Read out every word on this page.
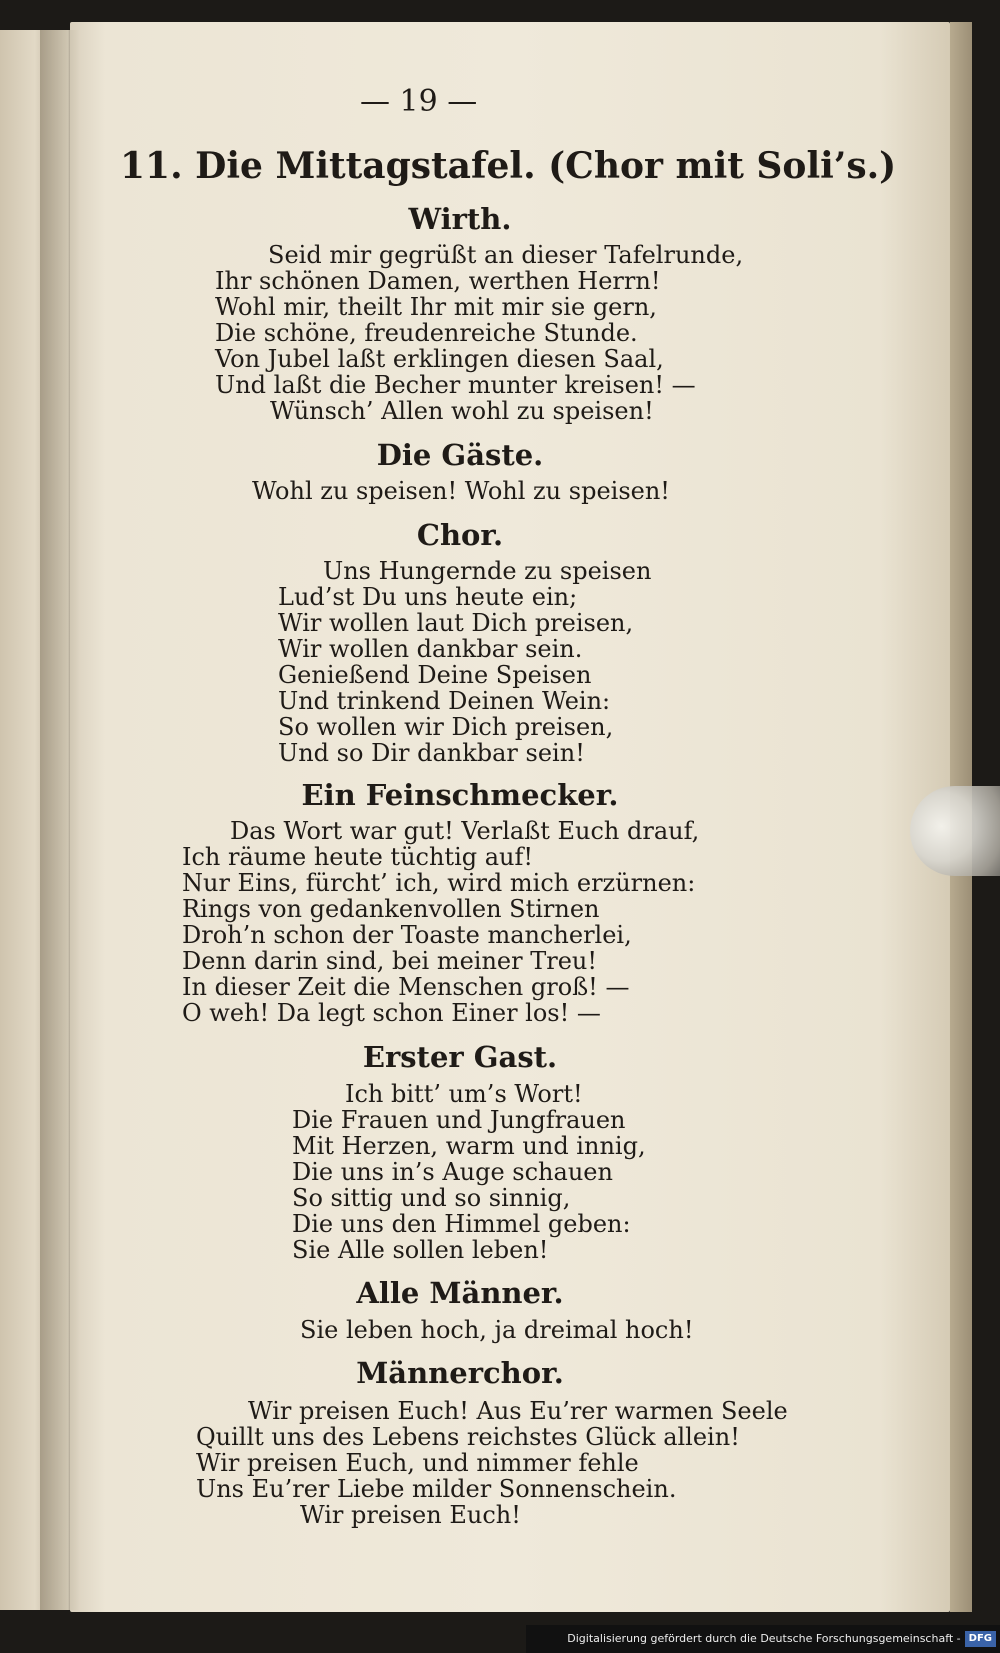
— 19 —
11. Die Mittagstafel. (Chor mit Soli’s.)
Wirth.
Seid mir gegrüßt an dieser Tafelrunde,
Ihr schönen Damen, werthen Herrn!
Wohl mir, theilt Ihr mit mir sie gern,
Die schöne, freudenreiche Stunde.
Von Jubel laßt erklingen diesen Saal,
Und laßt die Becher munter kreisen! —
Wünsch’ Allen wohl zu speisen!
Die Gäste.
Wohl zu speisen! Wohl zu speisen!
Chor.
Uns Hungernde zu speisen
Lud’st Du uns heute ein;
Wir wollen laut Dich preisen,
Wir wollen dankbar sein.
Genießend Deine Speisen
Und trinkend Deinen Wein:
So wollen wir Dich preisen,
Und so Dir dankbar sein!
Ein Feinschmecker.
Das Wort war gut! Verlaßt Euch drauf,
Ich räume heute tüchtig auf!
Nur Eins, fürcht’ ich, wird mich erzürnen:
Rings von gedankenvollen Stirnen
Droh’n schon der Toaste mancherlei,
Denn darin sind, bei meiner Treu!
In dieser Zeit die Menschen groß! —
O weh! Da legt schon Einer los! —
Erster Gast.
Ich bitt’ um’s Wort!
Die Frauen und Jungfrauen
Mit Herzen, warm und innig,
Die uns in’s Auge schauen
So sittig und so sinnig,
Die uns den Himmel geben:
Sie Alle sollen leben!
Alle Männer.
Sie leben hoch, ja dreimal hoch!
Männerchor.
Wir preisen Euch! Aus Eu’rer warmen Seele
Quillt uns des Lebens reichstes Glück allein!
Wir preisen Euch, und nimmer fehle
Uns Eu’rer Liebe milder Sonnenschein.
Wir preisen Euch!
Digitalisierung gefördert durch die Deutsche Forschungsgemeinschaft - DFG
